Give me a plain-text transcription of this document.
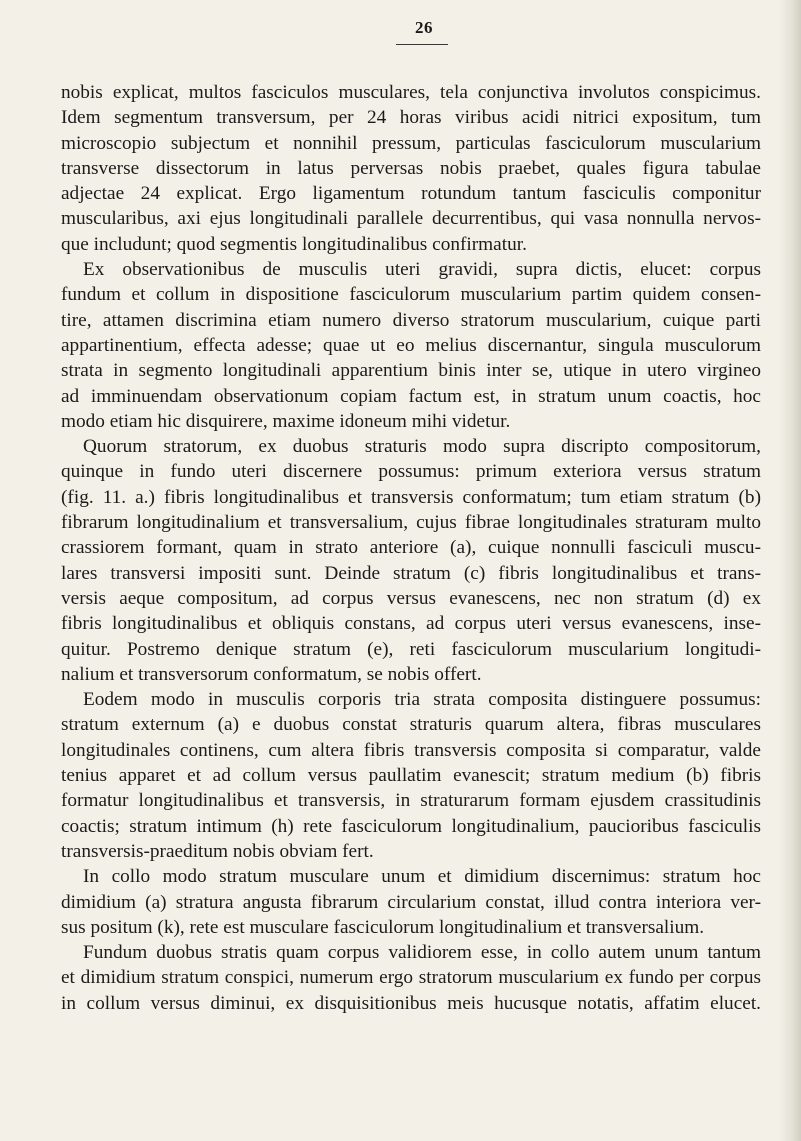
26
nobis explicat, multos fasciculos musculares, tela conjunctiva involutos conspicimus.
Idem segmentum transversum, per 24 horas viribus acidi nitrici expositum, tum
microscopio subjectum et nonnihil pressum, particulas fasciculorum muscularium
transverse dissectorum in latus perversas nobis praebet, quales figura tabulae
adjectae 24 explicat. Ergo ligamentum rotundum tantum fasciculis componitur
muscularibus, axi ejus longitudinali parallele decurrentibus, qui vasa nonnulla nervos-
que includunt; quod segmentis longitudinalibus confirmatur.
Ex observationibus de musculis uteri gravidi, supra dictis, elucet: corpus
fundum et collum in dispositione fasciculorum muscularium partim quidem consen-
tire, attamen discrimina etiam numero diverso stratorum muscularium, cuique parti
appartinentium, effecta adesse; quae ut eo melius discernantur, singula musculorum
strata in segmento longitudinali apparentium binis inter se, utique in utero virgineo
ad imminuendam observationum copiam factum est, in stratum unum coactis, hoc
modo etiam hic disquirere, maxime idoneum mihi videtur.
Quorum stratorum, ex duobus straturis modo supra discripto compositorum,
quinque in fundo uteri discernere possumus: primum exteriora versus stratum
(fig. 11. a.) fibris longitudinalibus et transversis conformatum; tum etiam stratum (b)
fibrarum longitudinalium et transversalium, cujus fibrae longitudinales straturam multo
crassiorem formant, quam in strato anteriore (a), cuique nonnulli fasciculi muscu-
lares transversi impositi sunt. Deinde stratum (c) fibris longitudinalibus et trans-
versis aeque compositum, ad corpus versus evanescens, nec non stratum (d) ex
fibris longitudinalibus et obliquis constans, ad corpus uteri versus evanescens, inse-
quitur. Postremo denique stratum (e), reti fasciculorum muscularium longitudi-
nalium et transversorum conformatum, se nobis offert.
Eodem modo in musculis corporis tria strata composita distinguere possumus:
stratum externum (a) e duobus constat straturis quarum altera, fibras musculares
longitudinales continens, cum altera fibris transversis composita si comparatur, valde
tenius apparet et ad collum versus paullatim evanescit; stratum medium (b) fibris
formatur longitudinalibus et transversis, in straturarum formam ejusdem crassitudinis
coactis; stratum intimum (h) rete fasciculorum longitudinalium, paucioribus fasciculis
transversis-praeditum nobis obviam fert.
In collo modo stratum musculare unum et dimidium discernimus: stratum hoc
dimidium (a) stratura angusta fibrarum circularium constat, illud contra interiora ver-
sus positum (k), rete est musculare fasciculorum longitudinalium et transversalium.
Fundum duobus stratis quam corpus validiorem esse, in collo autem unum tantum
et dimidium stratum conspici, numerum ergo stratorum muscularium ex fundo per corpus
in collum versus diminui, ex disquisitionibus meis hucusque notatis, affatim elucet.
